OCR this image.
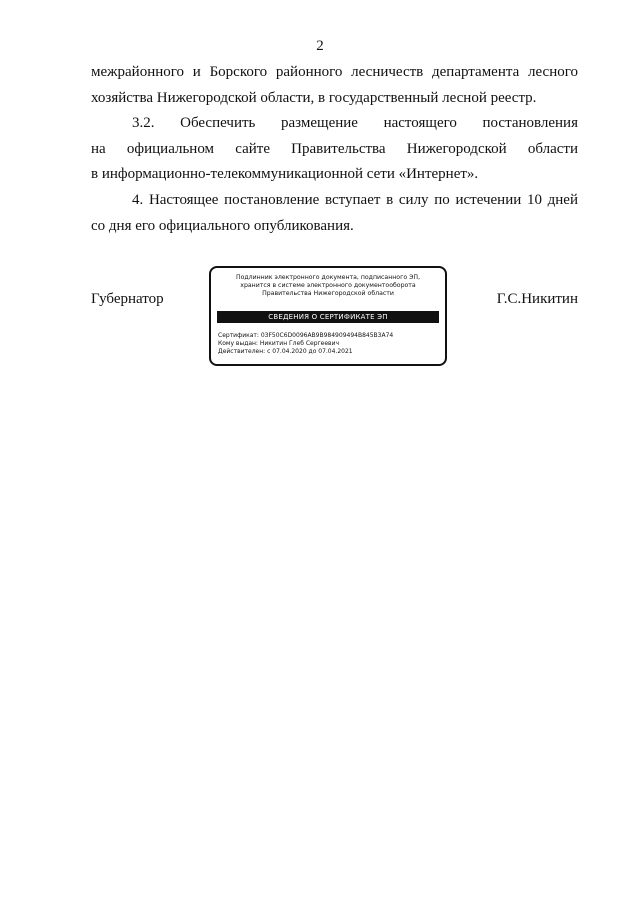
2
межрайонного и Борского районного лесничеств департамента лесного
хозяйства Нижегородской области, в государственный лесной реестр.
3.2. Обеспечить размещение настоящего постановления
на официальном сайте Правительства Нижегородской области
в информационно-телекоммуникационной сети «Интернет».
4. Настоящее постановление вступает в силу по истечении 10 дней
со дня его официального опубликования.
Губернатор	Г.С.Никитин
Подлинник электронного документа, подписанного ЭП,
хранится в системе электронного документооборота
Правительства Нижегородской области
СВЕДЕНИЯ О СЕРТИФИКАТЕ ЭП
Сертификат: 03F50C6D0096AB9B984909494B845B3A74
Кому выдан: Никитин Глеб Сергеевич
Действителен: с 07.04.2020 до 07.04.2021
